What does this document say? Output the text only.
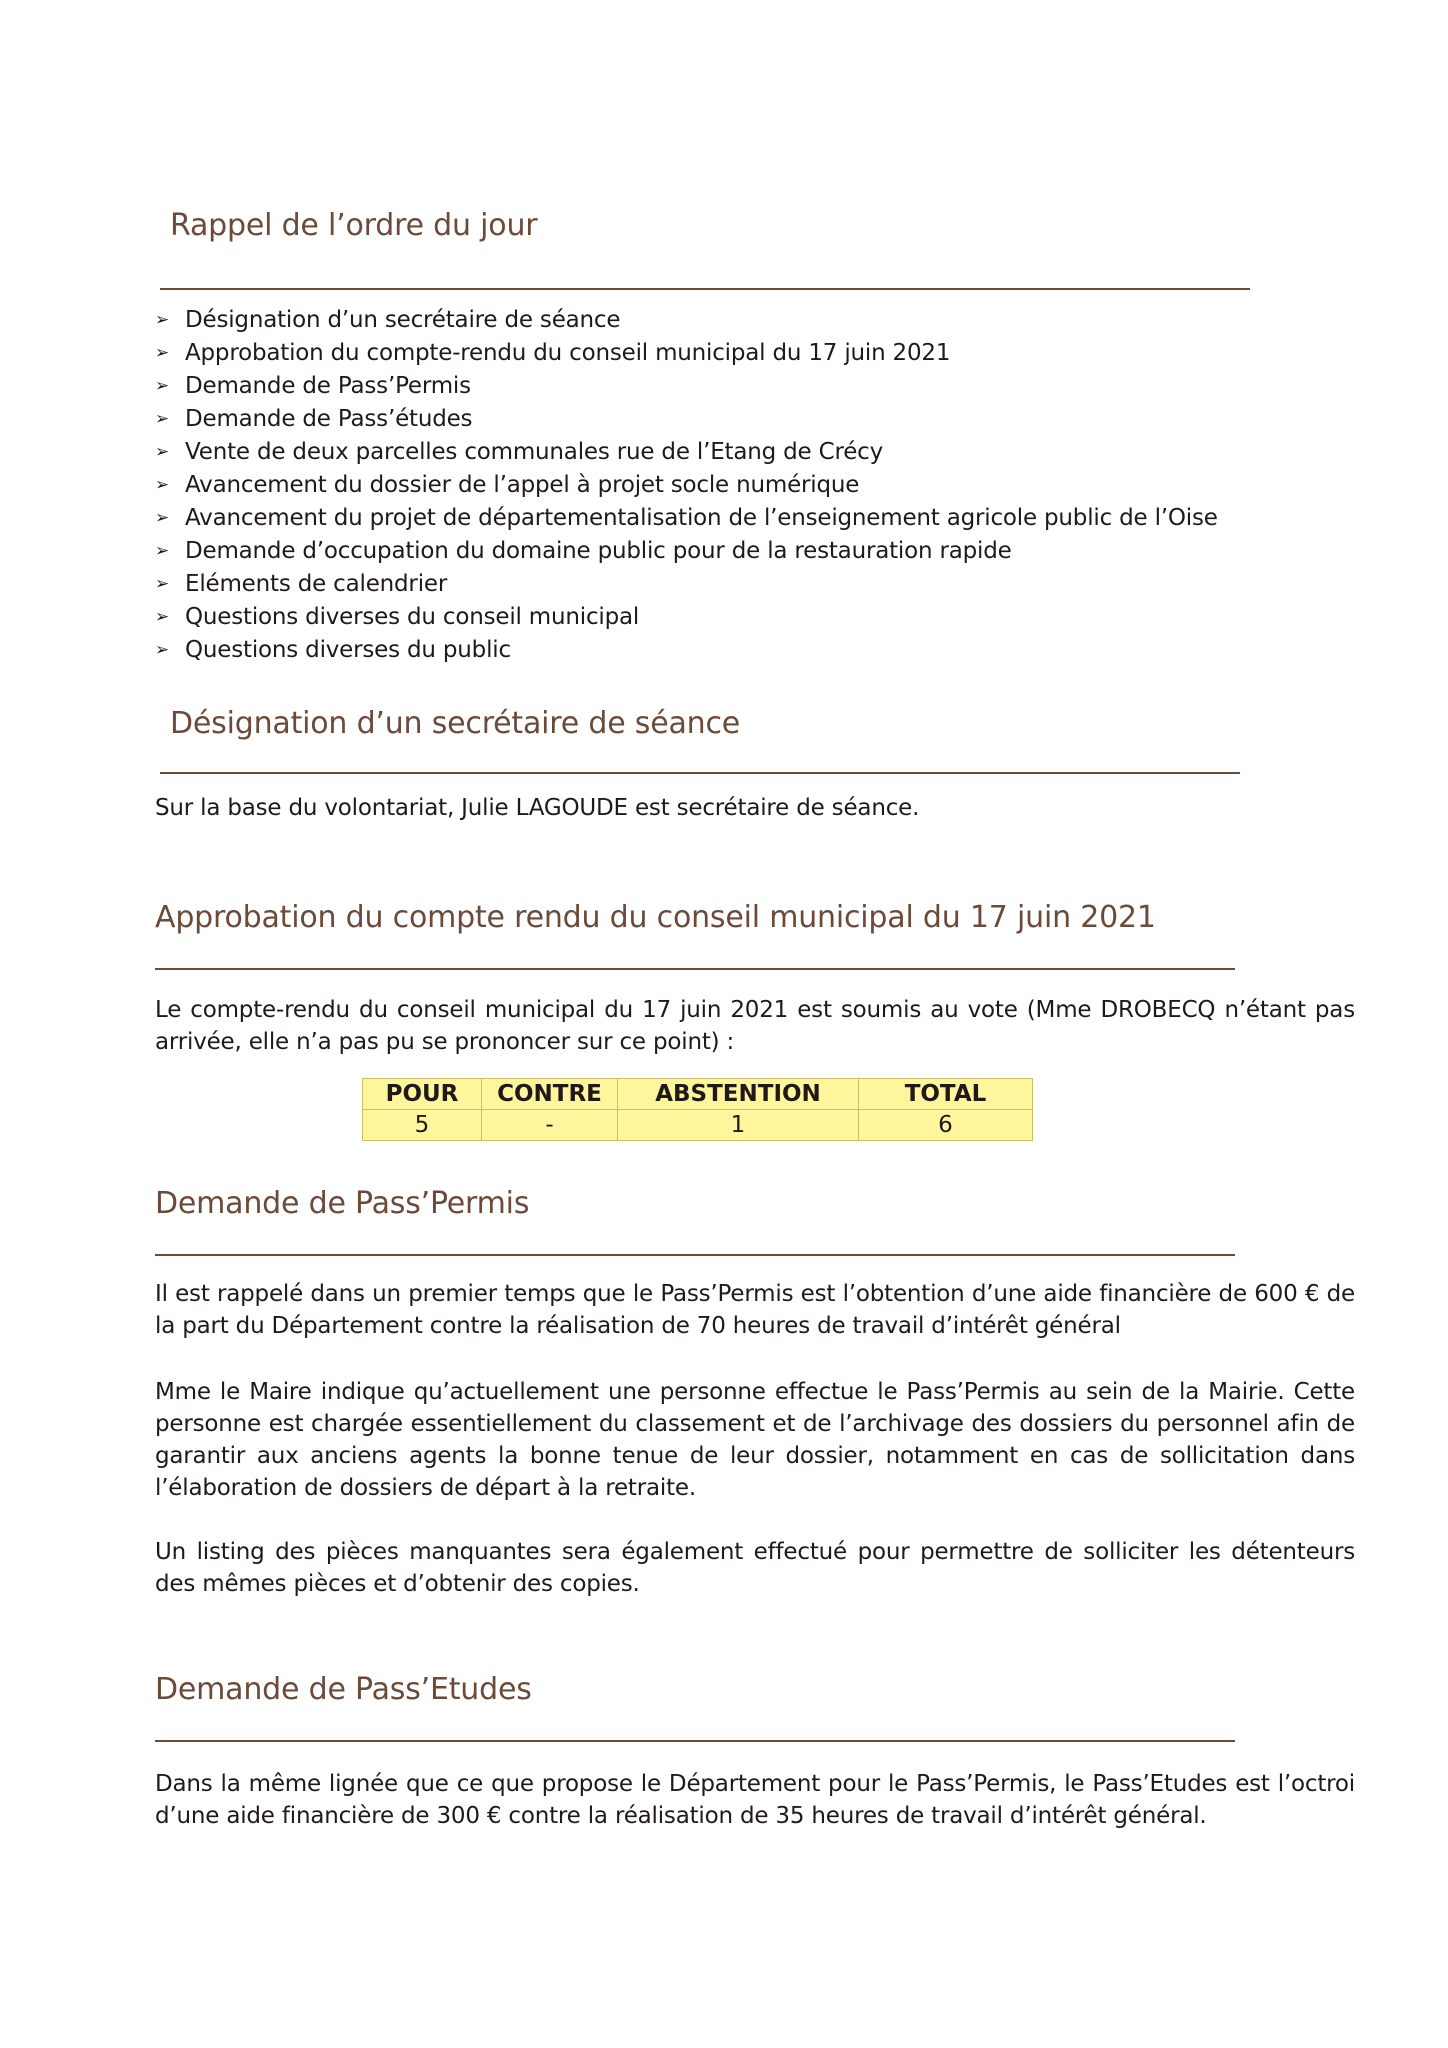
Rappel de l’ordre du jour
➢ Désignation d’un secrétaire de séance
➢ Approbation du compte-rendu du conseil municipal du 17 juin 2021
➢ Demande de Pass’Permis
➢ Demande de Pass’études
➢ Vente de deux parcelles communales rue de l’Etang de Crécy
➢ Avancement du dossier de l’appel à projet socle numérique
➢ Avancement du projet de départementalisation de l’enseignement agricole public de l’Oise
➢ Demande d’occupation du domaine public pour de la restauration rapide
➢ Eléments de calendrier
➢ Questions diverses du conseil municipal
➢ Questions diverses du public
Désignation d’un secrétaire de séance
Sur la base du volontariat, Julie LAGOUDE est secrétaire de séance.
Approbation du compte rendu du conseil municipal du 17 juin 2021
Le compte-rendu du conseil municipal du 17 juin 2021 est soumis au vote (Mme DROBECQ n’étant pas arrivée, elle n’a pas pu se prononcer sur ce point) :
POUR	CONTRE	ABSTENTION	TOTAL
5	-	1	6
Demande de Pass’Permis
Il est rappelé dans un premier temps que le Pass’Permis est l’obtention d’une aide financière de 600 € de la part du Département contre la réalisation de 70 heures de travail d’intérêt général
Mme le Maire indique qu’actuellement une personne effectue le Pass’Permis au sein de la Mairie. Cette personne est chargée essentiellement du classement et de l’archivage des dossiers du personnel afin de garantir aux anciens agents la bonne tenue de leur dossier, notamment en cas de sollicitation dans l’élaboration de dossiers de départ à la retraite.
Un listing des pièces manquantes sera également effectué pour permettre de solliciter les détenteurs des mêmes pièces et d’obtenir des copies.
Demande de Pass’Etudes
Dans la même lignée que ce que propose le Département pour le Pass’Permis, le Pass’Etudes est l’octroi d’une aide financière de 300 € contre la réalisation de 35 heures de travail d’intérêt général.
